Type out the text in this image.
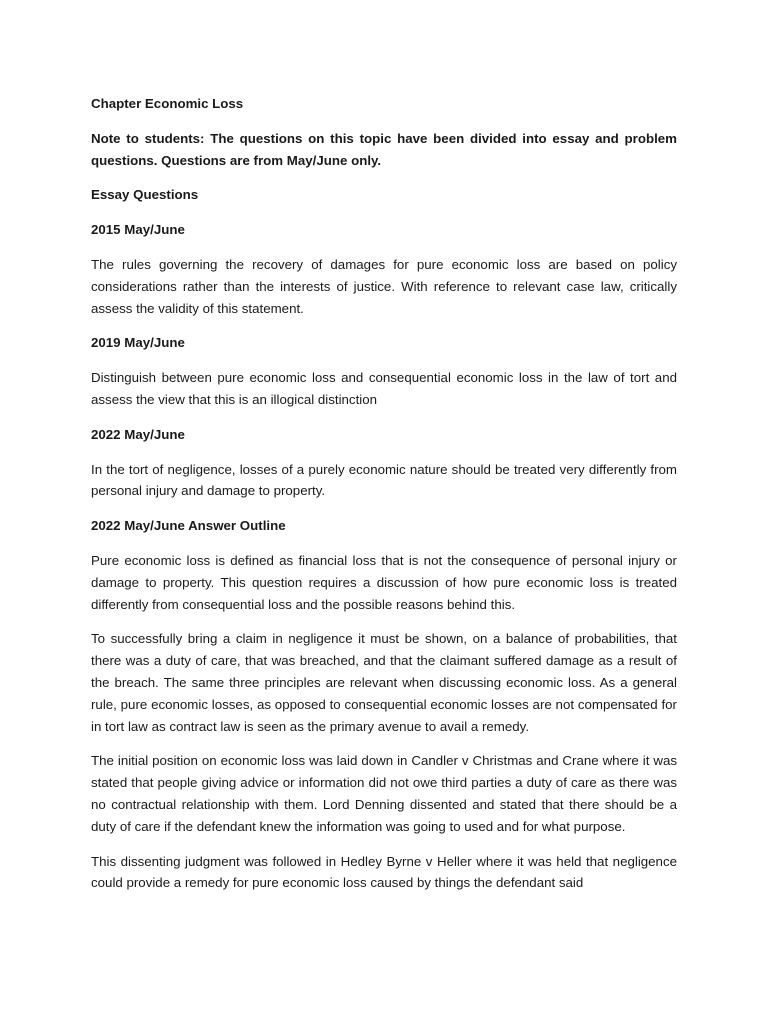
Chapter Economic Loss

Note to students: The questions on this topic have been divided into essay and problem questions. Questions are from May/June only.

Essay Questions

2015 May/June

The rules governing the recovery of damages for pure economic loss are based on policy considerations rather than the interests of justice. With reference to relevant case law, critically assess the validity of this statement.

2019 May/June

Distinguish between pure economic loss and consequential economic loss in the law of tort and assess the view that this is an illogical distinction

2022 May/June

In the tort of negligence, losses of a purely economic nature should be treated very differently from personal injury and damage to property.

2022 May/June Answer Outline

Pure economic loss is defined as financial loss that is not the consequence of personal injury or damage to property. This question requires a discussion of how pure economic loss is treated differently from consequential loss and the possible reasons behind this.

To successfully bring a claim in negligence it must be shown, on a balance of probabilities, that there was a duty of care, that was breached, and that the claimant suffered damage as a result of the breach. The same three principles are relevant when discussing economic loss. As a general rule, pure economic losses, as opposed to consequential economic losses are not compensated for in tort law as contract law is seen as the primary avenue to avail a remedy.

The initial position on economic loss was laid down in Candler v Christmas and Crane where it was stated that people giving advice or information did not owe third parties a duty of care as there was no contractual relationship with them. Lord Denning dissented and stated that there should be a duty of care if the defendant knew the information was going to used and for what purpose.

This dissenting judgment was followed in Hedley Byrne v Heller where it was held that negligence could provide a remedy for pure economic loss caused by things the defendant said
